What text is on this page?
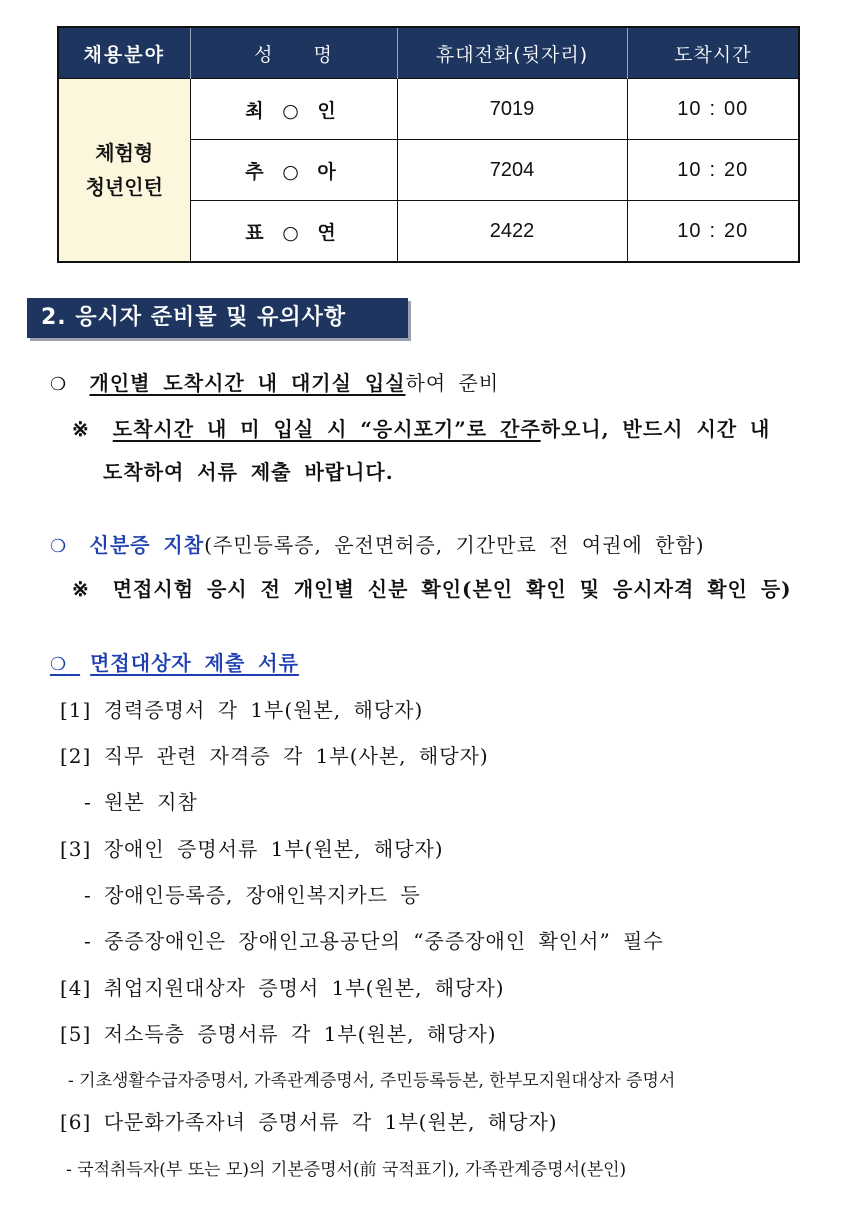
채용분야	성　　명	휴대전화(뒷자리)	도착시간

체험형
청년인턴	최 ○ 인	7019	10 : 00
	추 ○ 아	7204	10 : 20
	표 ○ 연	2422	10 : 20
2. 응시자 준비물 및 유의사항
❍ 개인별 도착시간 내 대기실 입실하여 준비
※ 도착시간 내 미 입실 시 “응시포기”로 간주하오니, 반드시 시간 내
도착하여 서류 제출 바랍니다.
❍ 신분증 지참(주민등록증, 운전면허증, 기간만료 전 여권에 한함)
※ 면접시험 응시 전 개인별 신분 확인(본인 확인 및 응시자격 확인 등)
❍ 면접대상자 제출 서류
[1] 경력증명서 각 1부(원본, 해당자)
[2] 직무 관련 자격증 각 1부(사본, 해당자)
- 원본 지참
[3] 장애인 증명서류 1부(원본, 해당자)
- 장애인등록증, 장애인복지카드 등
- 중증장애인은 장애인고용공단의 “중증장애인 확인서” 필수
[4] 취업지원대상자 증명서 1부(원본, 해당자)
[5] 저소득층 증명서류 각 1부(원본, 해당자)
- 기초생활수급자증명서, 가족관계증명서, 주민등록등본, 한부모지원대상자 증명서
[6] 다문화가족자녀 증명서류 각 1부(원본, 해당자)
- 국적취득자(부 또는 모)의 기본증명서(前 국적표기), 가족관계증명서(본인)
